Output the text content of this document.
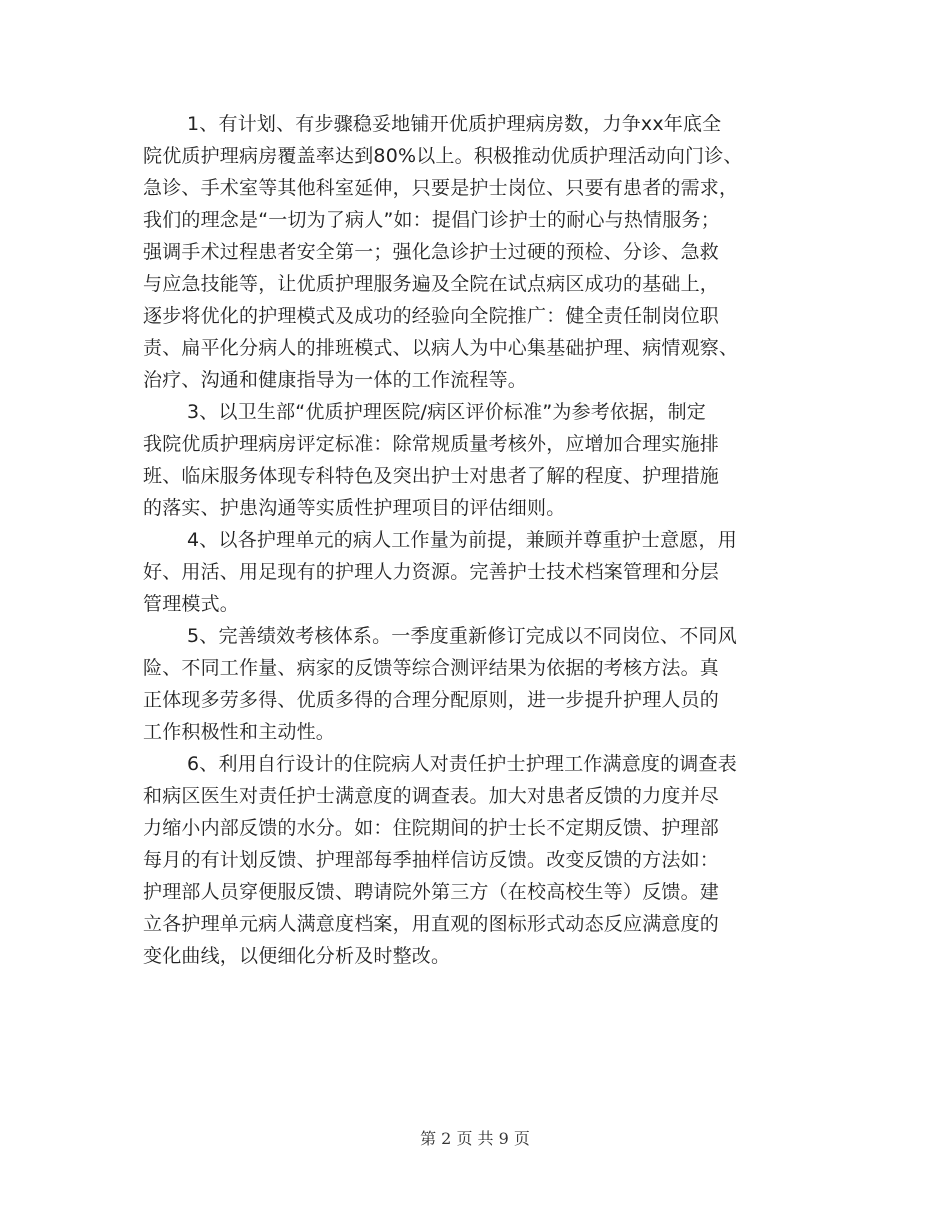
1、有计划、有步骤稳妥地铺开优质护理病房数，力争xx年底全
院优质护理病房覆盖率达到80%以上。积极推动优质护理活动向门诊、
急诊、手术室等其他科室延伸，只要是护士岗位、只要有患者的需求，
我们的理念是“一切为了病人”如：提倡门诊护士的耐心与热情服务；
强调手术过程患者安全第一；强化急诊护士过硬的预检、分诊、急救
与应急技能等，让优质护理服务遍及全院在试点病区成功的基础上，
逐步将优化的护理模式及成功的经验向全院推广：健全责任制岗位职
责、扁平化分病人的排班模式、以病人为中心集基础护理、病情观察、
治疗、沟通和健康指导为一体的工作流程等。
3、以卫生部“优质护理医院/病区评价标准”为参考依据，制定
我院优质护理病房评定标准：除常规质量考核外，应增加合理实施排
班、临床服务体现专科特色及突出护士对患者了解的程度、护理措施
的落实、护患沟通等实质性护理项目的评估细则。
4、以各护理单元的病人工作量为前提，兼顾并尊重护士意愿，用
好、用活、用足现有的护理人力资源。完善护士技术档案管理和分层
管理模式。
5、完善绩效考核体系。一季度重新修订完成以不同岗位、不同风
险、不同工作量、病家的反馈等综合测评结果为依据的考核方法。真
正体现多劳多得、优质多得的合理分配原则，进一步提升护理人员的
工作积极性和主动性。
6、利用自行设计的住院病人对责任护士护理工作满意度的调查表
和病区医生对责任护士满意度的调查表。加大对患者反馈的力度并尽
力缩小内部反馈的水分。如：住院期间的护士长不定期反馈、护理部
每月的有计划反馈、护理部每季抽样信访反馈。改变反馈的方法如：
护理部人员穿便服反馈、聘请院外第三方（在校高校生等）反馈。建
立各护理单元病人满意度档案，用直观的图标形式动态反应满意度的
变化曲线，以便细化分析及时整改。
第 2 页 共 9 页
